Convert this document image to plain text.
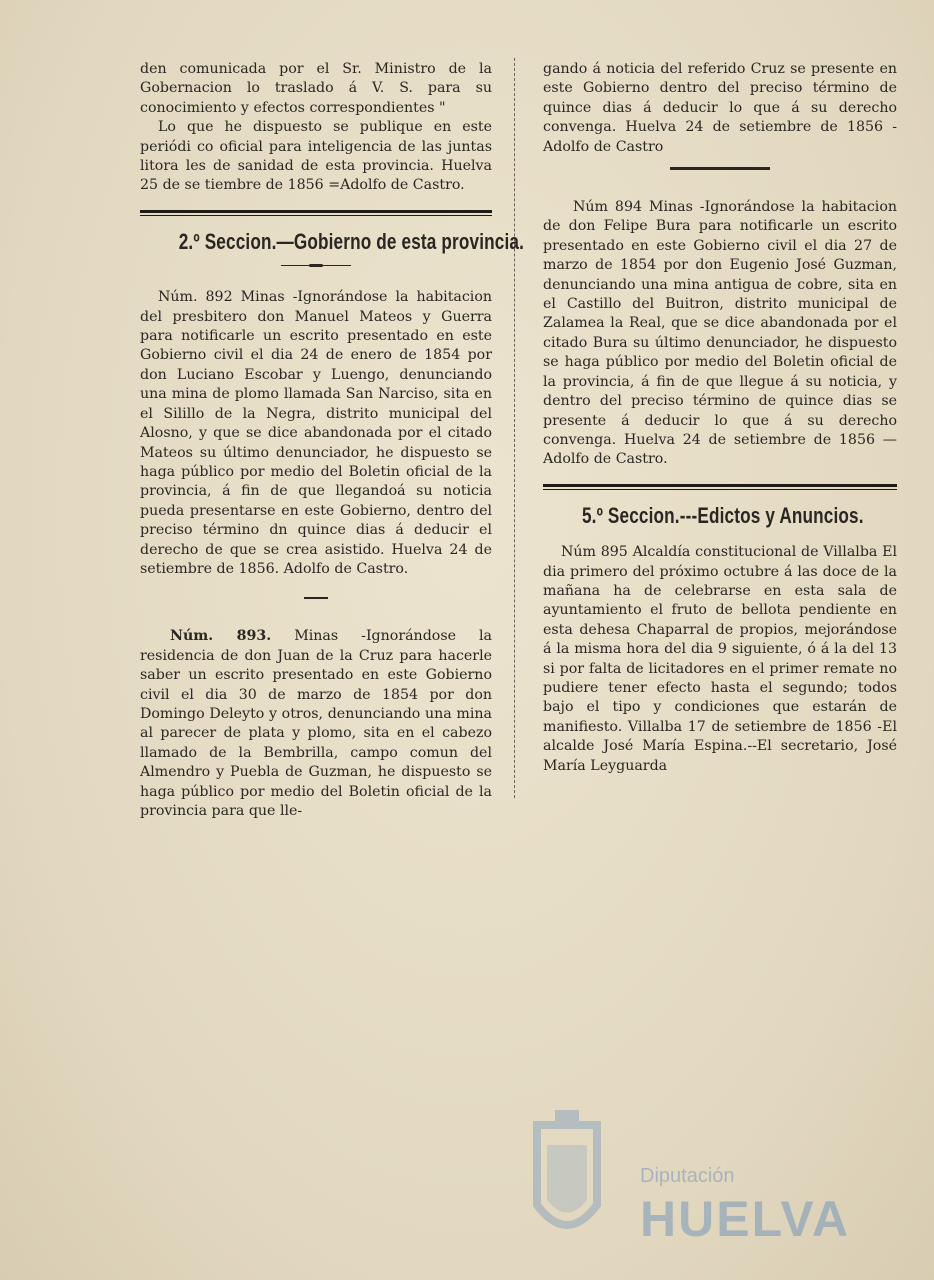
den comunicada por el Sr. Ministro de la Gobernacion lo traslado á V. S. para su conocimiento y efectos correspondientes "

Lo que he dispuesto se publique en este periódi co oficial para inteligencia de las juntas litora les de sanidad de esta provincia. Huelva 25 de se tiembre de 1856 =Adolfo de Castro.

2.º Seccion.—Gobierno de esta provincia.

Núm. 892 Minas -Ignorándose la habitacion del presbitero don Manuel Mateos y Guerra para notificarle un escrito presentado en este Gobierno civil el dia 24 de enero de 1854 por don Luciano Escobar y Luengo, denunciando una mina de plomo llamada San Narciso, sita en el Silillo de la Negra, distrito municipal del Alosno, y que se dice abandonada por el citado Mateos su último denunciador, he dispuesto se haga público por medio del Boletin oficial de la provincia, á fin de que llegandoá su noticia pueda presentarse en este Gobierno, dentro del preciso término dn quince dias á deducir el derecho de que se crea asistido. Huelva 24 de setiembre de 1856. Adolfo de Castro.

Núm. 893. Minas -Ignorándose la residencia de don Juan de la Cruz para hacerle saber un escrito presentado en este Gobierno civil el dia 30 de marzo de 1854 por don Domingo Deleyto y otros, denunciando una mina al parecer de plata y plomo, sita en el cabezo llamado de la Bembrilla, campo comun del Almendro y Puebla de Guzman, he dispuesto se haga público por medio del Boletin oficial de la provincia para que lle-

gando á noticia del referido Cruz se presente en este Gobierno dentro del preciso término de quince dias á deducir lo que á su derecho convenga. Huelva 24 de setiembre de 1856 -Adolfo de Castro

Núm 894 Minas -Ignorándose la habitacion de don Felipe Bura para notificarle un escrito presentado en este Gobierno civil el dia 27 de marzo de 1854 por don Eugenio José Guzman, denunciando una mina antigua de cobre, sita en el Castillo del Buitron, distrito municipal de Zalamea la Real, que se dice abandonada por el citado Bura su último denunciador, he dispuesto se haga público por medio del Boletin oficial de la provincia, á fin de que llegue á su noticia, y dentro del preciso término de quince dias se presente á deducir lo que á su derecho convenga. Huelva 24 de setiembre de 1856 —Adolfo de Castro.

5.º Seccion.---Edictos y Anuncios.

Núm 895 Alcaldía constitucional de Villalba El dia primero del próximo octubre á las doce de la mañana ha de celebrarse en esta sala de ayuntamiento el fruto de bellota pendiente en esta dehesa Chaparral de propios, mejorándose á la misma hora del dia 9 siguiente, ó á la del 13 si por falta de licitadores en el primer remate no pudiere tener efecto hasta el segundo; todos bajo el tipo y condiciones que estarán de manifiesto. Villalba 17 de setiembre de 1856 -El alcalde José María Espina.--El secretario, José María Leyguarda

Diputación
HUELVA
